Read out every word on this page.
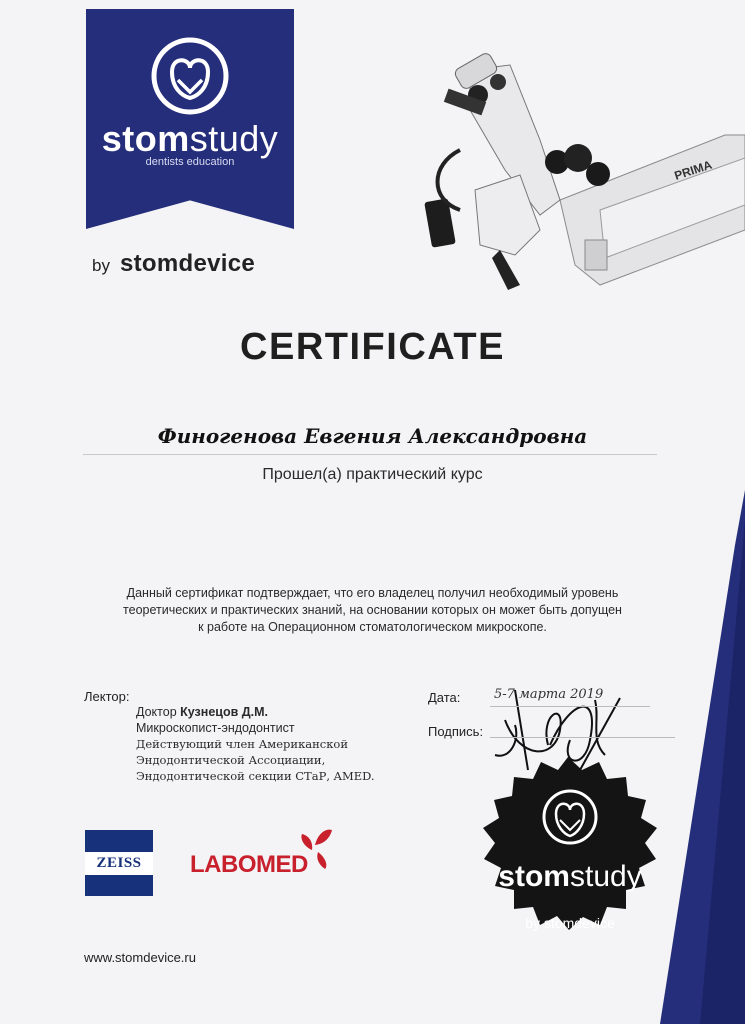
PRIMA
stomstudy
dentists education
by stomdevice
CERTIFICATE
Финогенова Евгения Александровна
Прошел(а) практический курс
Данный сертификат подтверждает, что его владелец получил необходимый уровень
теоретических и практических знаний, на основании которых он может быть допущен
к работе на Операционном стоматологическом микроскопе.
Лектор:
Доктор Кузнецов Д.М.
Микроскопист-эндодонтист
Действующий член Американской
Эндодонтической Ассоциации,
Эндодонтической секции СТаР, AMED.
Дата:	5-7 марта 2019
Подпись:
ZEISS	LABOMED
www.stomdevice.ru
stomstudy
by stomdevice
